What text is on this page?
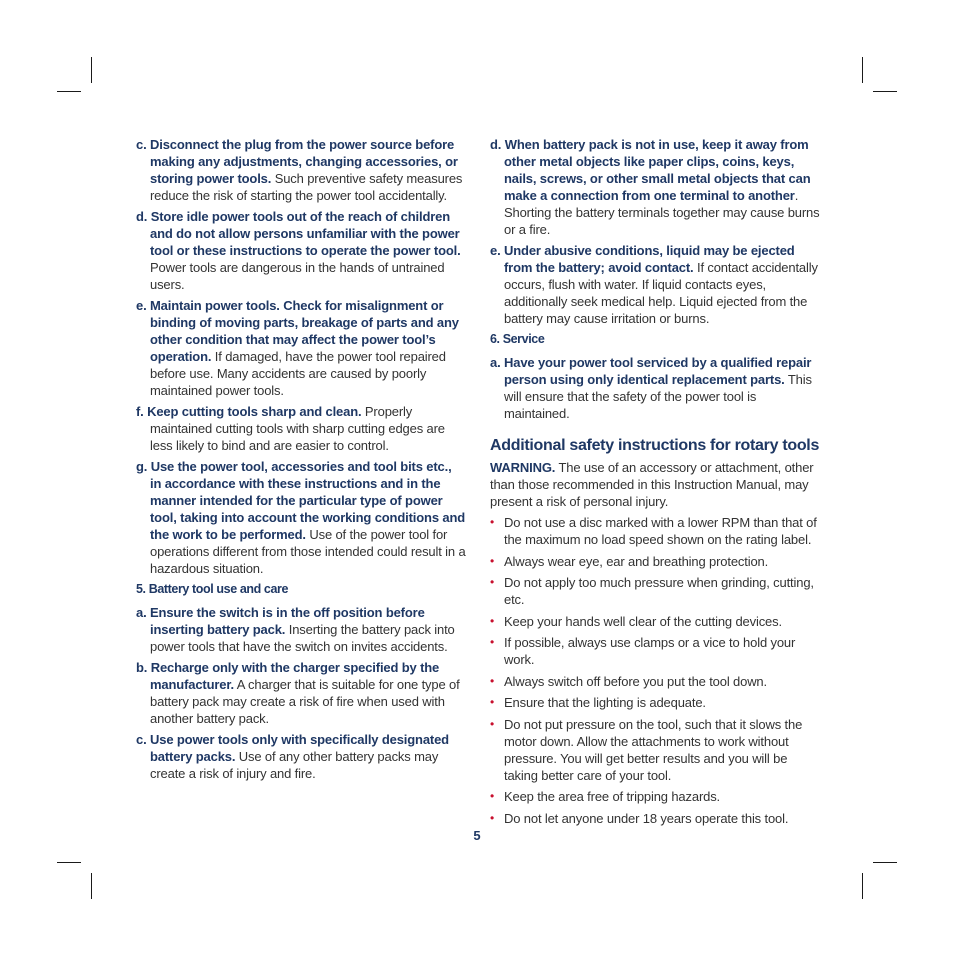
c. Disconnect the plug from the power source before making any adjustments, changing accessories, or storing power tools. Such preventive safety measures reduce the risk of starting the power tool accidentally.
d. Store idle power tools out of the reach of children and do not allow persons unfamiliar with the power tool or these instructions to operate the power tool. Power tools are dangerous in the hands of untrained users.
e. Maintain power tools. Check for misalignment or binding of moving parts, breakage of parts and any other condition that may affect the power tool’s operation. If damaged, have the power tool repaired before use. Many accidents are caused by poorly maintained power tools.
f. Keep cutting tools sharp and clean. Properly maintained cutting tools with sharp cutting edges are less likely to bind and are easier to control.
g. Use the power tool, accessories and tool bits etc., in accordance with these instructions and in the manner intended for the particular type of power tool, taking into account the working conditions and the work to be performed. Use of the power tool for operations different from those intended could result in a hazardous situation.
5. Battery tool use and care
a. Ensure the switch is in the off position before inserting battery pack. Inserting the battery pack into power tools that have the switch on invites accidents.
b. Recharge only with the charger specified by the manufacturer. A charger that is suitable for one type of battery pack may create a risk of fire when used with another battery pack.
c. Use power tools only with specifically designated battery packs. Use of any other battery packs may create a risk of injury and fire.
d. When battery pack is not in use, keep it away from other metal objects like paper clips, coins, keys, nails, screws, or other small metal objects that can make a connection from one terminal to another. Shorting the battery terminals together may cause burns or a fire.
e. Under abusive conditions, liquid may be ejected from the battery; avoid contact. If contact accidentally occurs, flush with water. If liquid contacts eyes, additionally seek medical help. Liquid ejected from the battery may cause irritation or burns.
6. Service
a. Have your power tool serviced by a qualified repair person using only identical replacement parts. This will ensure that the safety of the power tool is maintained.
Additional safety instructions for rotary tools
WARNING. The use of an accessory or attachment, other than those recommended in this Instruction Manual, may present a risk of personal injury.
• Do not use a disc marked with a lower RPM than that of the maximum no load speed shown on the rating label.
• Always wear eye, ear and breathing protection.
• Do not apply too much pressure when grinding, cutting, etc.
• Keep your hands well clear of the cutting devices.
• If possible, always use clamps or a vice to hold your work.
• Always switch off before you put the tool down.
• Ensure that the lighting is adequate.
• Do not put pressure on the tool, such that it slows the motor down. Allow the attachments to work without pressure. You will get better results and you will be taking better care of your tool.
• Keep the area free of tripping hazards.
• Do not let anyone under 18 years operate this tool.
5
